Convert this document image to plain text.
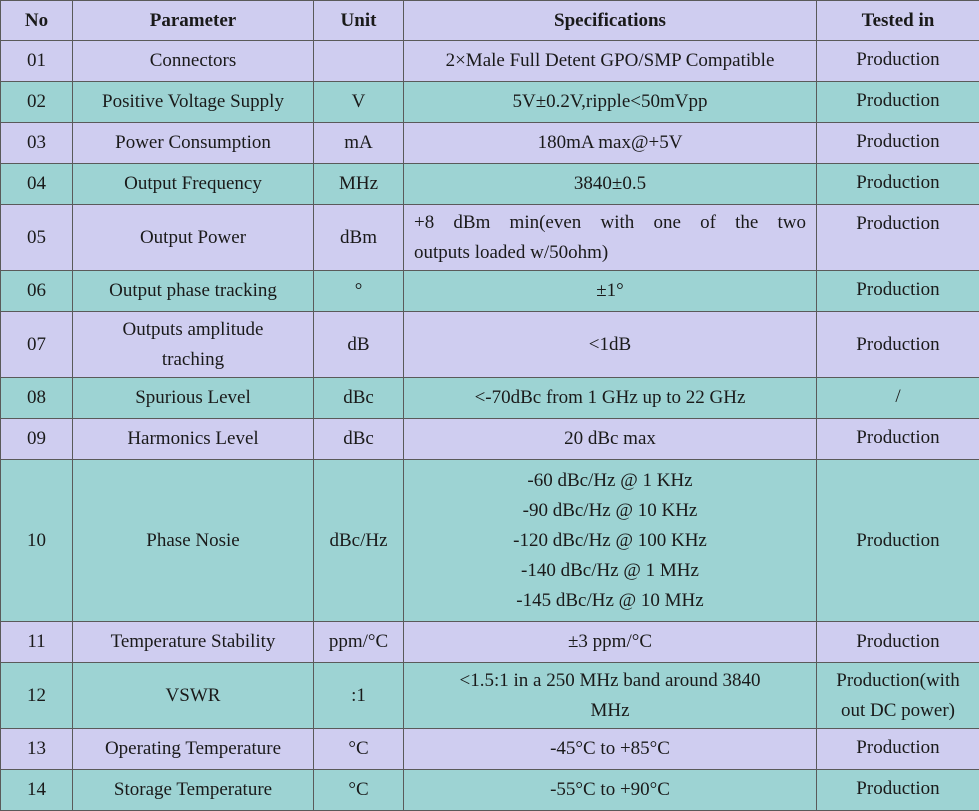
No	Parameter	Unit	Specifications	Tested in
01	Connectors		2×Male Full Detent GPO/SMP Compatible	Production

02	Positive Voltage Supply	V	5V±0.2V,ripple<50mVpp	Production

03	Power Consumption	mA	180mA max@+5V	Production

04	Output Frequency	MHz	3840±0.5	Production

05	Output Power	dBm	+8 dBm min(even with one of the two
outputs loaded w/50ohm)	Production

06	Output phase tracking	°	±1°	Production

07	Outputs amplitude
traching	dB	<1dB	Production

08	Spurious Level	dBc	<-70dBc from 1 GHz up to 22 GHz	/

09	Harmonics Level	dBc	20 dBc max	Production

10	Phase Nosie	dBc/Hz	-60 dBc/Hz @ 1 KHz
-90 dBc/Hz @ 10 KHz
-120 dBc/Hz @ 100 KHz
-140 dBc/Hz @ 1 MHz
-145 dBc/Hz @ 10 MHz	Production

11	Temperature Stability	ppm/°C	±3 ppm/°C	Production

12	VSWR	:1	<1.5:1 in a 250 MHz band around 3840
MHz	Production(with
out DC power)

13	Operating Temperature	°C	-45°C to +85°C	Production

14	Storage Temperature	°C	-55°C to +90°C	Production
